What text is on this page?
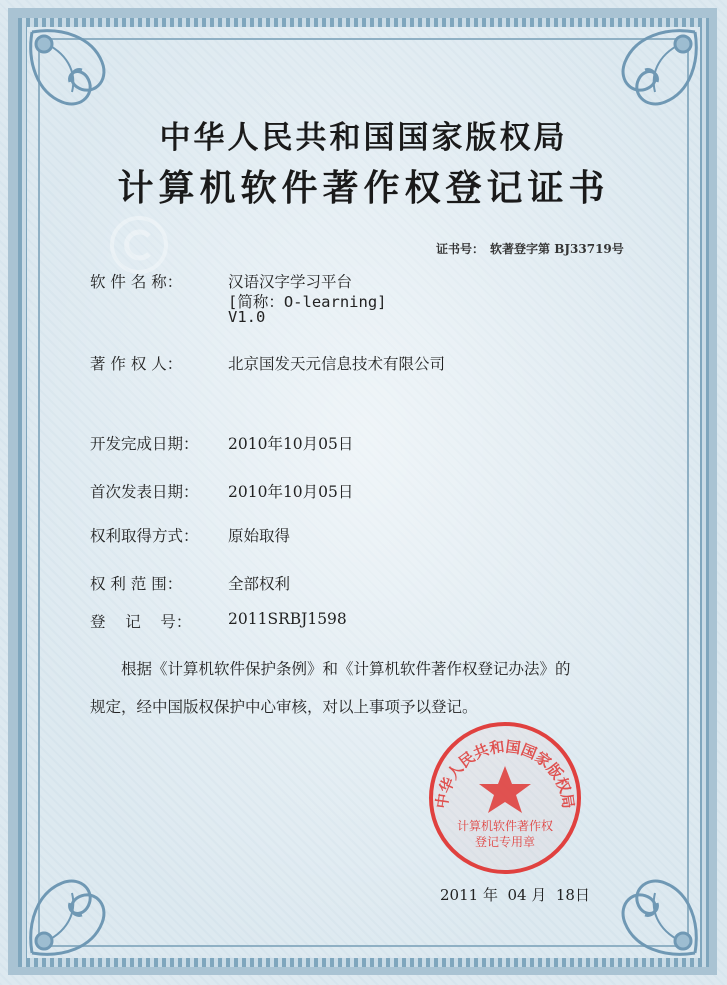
中华人民共和国国家版权局
计算机软件著作权登记证书
证书号： 软著登字第 BJ33719号
软 件 名 称：	汉语汉字学习平台
[简称：O-learning]
V1.0
著 作 权 人：	北京国发天元信息技术有限公司
开发完成日期： 2010年10月05日
首次发表日期： 2010年10月05日
权利取得方式： 原始取得
权 利 范 围：	全部权利
登    记    号： 2011SRBJ1598
根据《计算机软件保护条例》和《计算机软件著作权登记办法》的
规定，经中国版权保护中心审核，对以上事项予以登记。
中华人民共和国国家版权局
计算机软件著作权
登记专用章
2011 年  04 月  18日
